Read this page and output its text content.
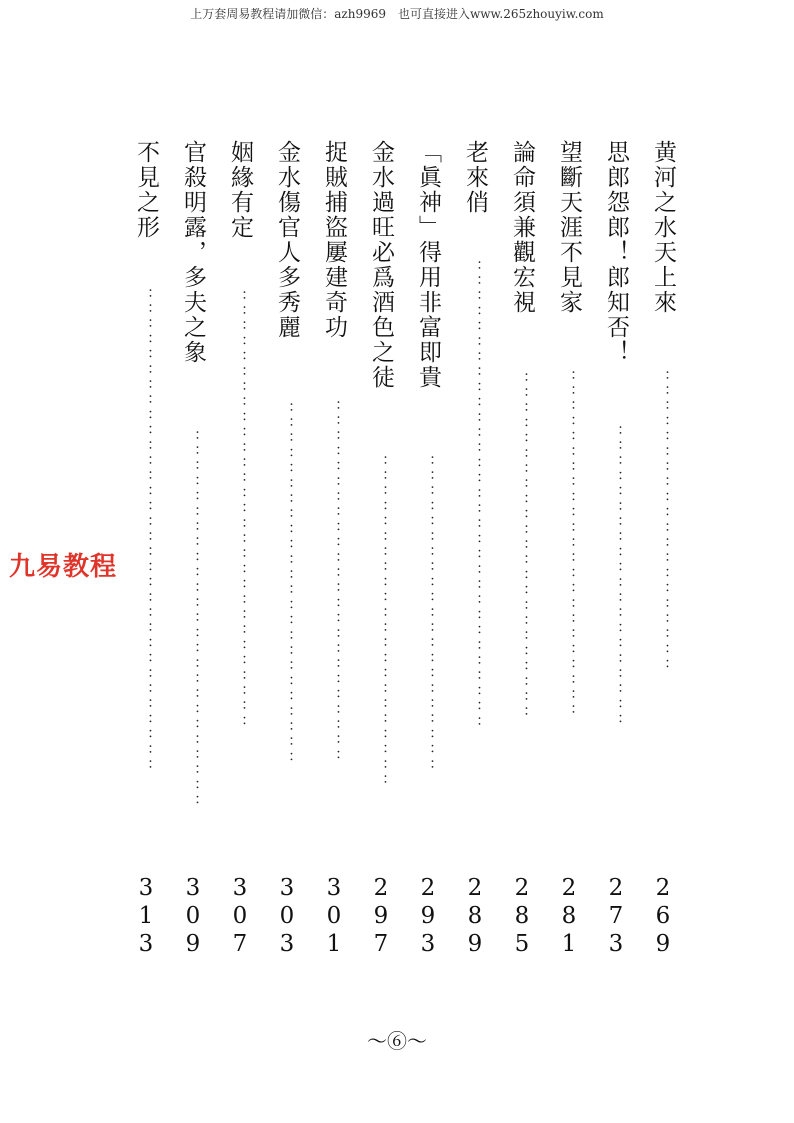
上万套周易教程请加微信：azh9969　也可直接进入www.265zhouyiw.com
黄河之水天上來
：：：：：：：：：：：：：：：：：：：：
269
思郎怨郎！郎知否！
：：：：：：：：：：：：：：：：：：：：
273
望斷天涯不見家
：：：：：：：：：：：：：：：：：：：：：：：
281
論命須兼觀宏視
：：：：：：：：：：：：：：：：：：：：：：：
285
老來俏
：：：：：：：：：：：：：：：：：：：：：：：：：：：：：：：
289
「眞神」得用非富即貴
：：：：：：：：：：：：：：：：：：：：：
293
金水過旺必爲酒色之徒
：：：：：：：：：：：：：：：：：：：：：：
297
捉賊捕盜屢建奇功
：：：：：：：：：：：：：：：：：：：：：：：：
301
金水傷官人多秀麗
：：：：：：：：：：：：：：：：：：：：：：：：
303
姻緣有定
：：：：：：：：：：：：：：：：：：：：：：：：：：：：：
307
官殺明露，多夫之象
：：：：：：：：：：：：：：：：：：：：：：：：：
309
不見之形
：：：：：：：：：：：：：：：：：：：：：：：：：：：：：：：：
313
九易教程
～⑥～
